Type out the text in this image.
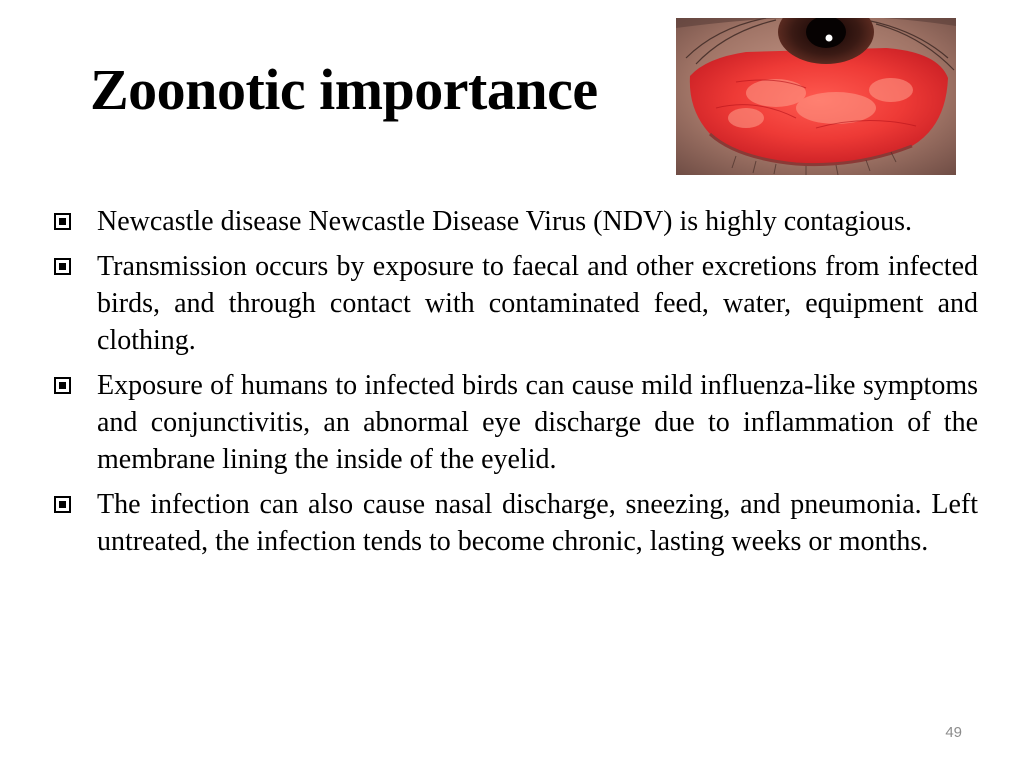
Zoonotic importance
Newcastle disease Newcastle Disease Virus (NDV) is highly contagious.
Transmission occurs by exposure to faecal and other excretions from infected birds, and through contact with contaminated feed, water, equipment and clothing.
Exposure of humans to infected birds can cause mild influenza-like symptoms and conjunctivitis, an abnormal eye discharge due to inflammation of the membrane lining the inside of the eyelid.
The infection can also cause nasal discharge, sneezing, and pneumonia. Left untreated, the infection tends to become chronic, lasting weeks or months.
49
